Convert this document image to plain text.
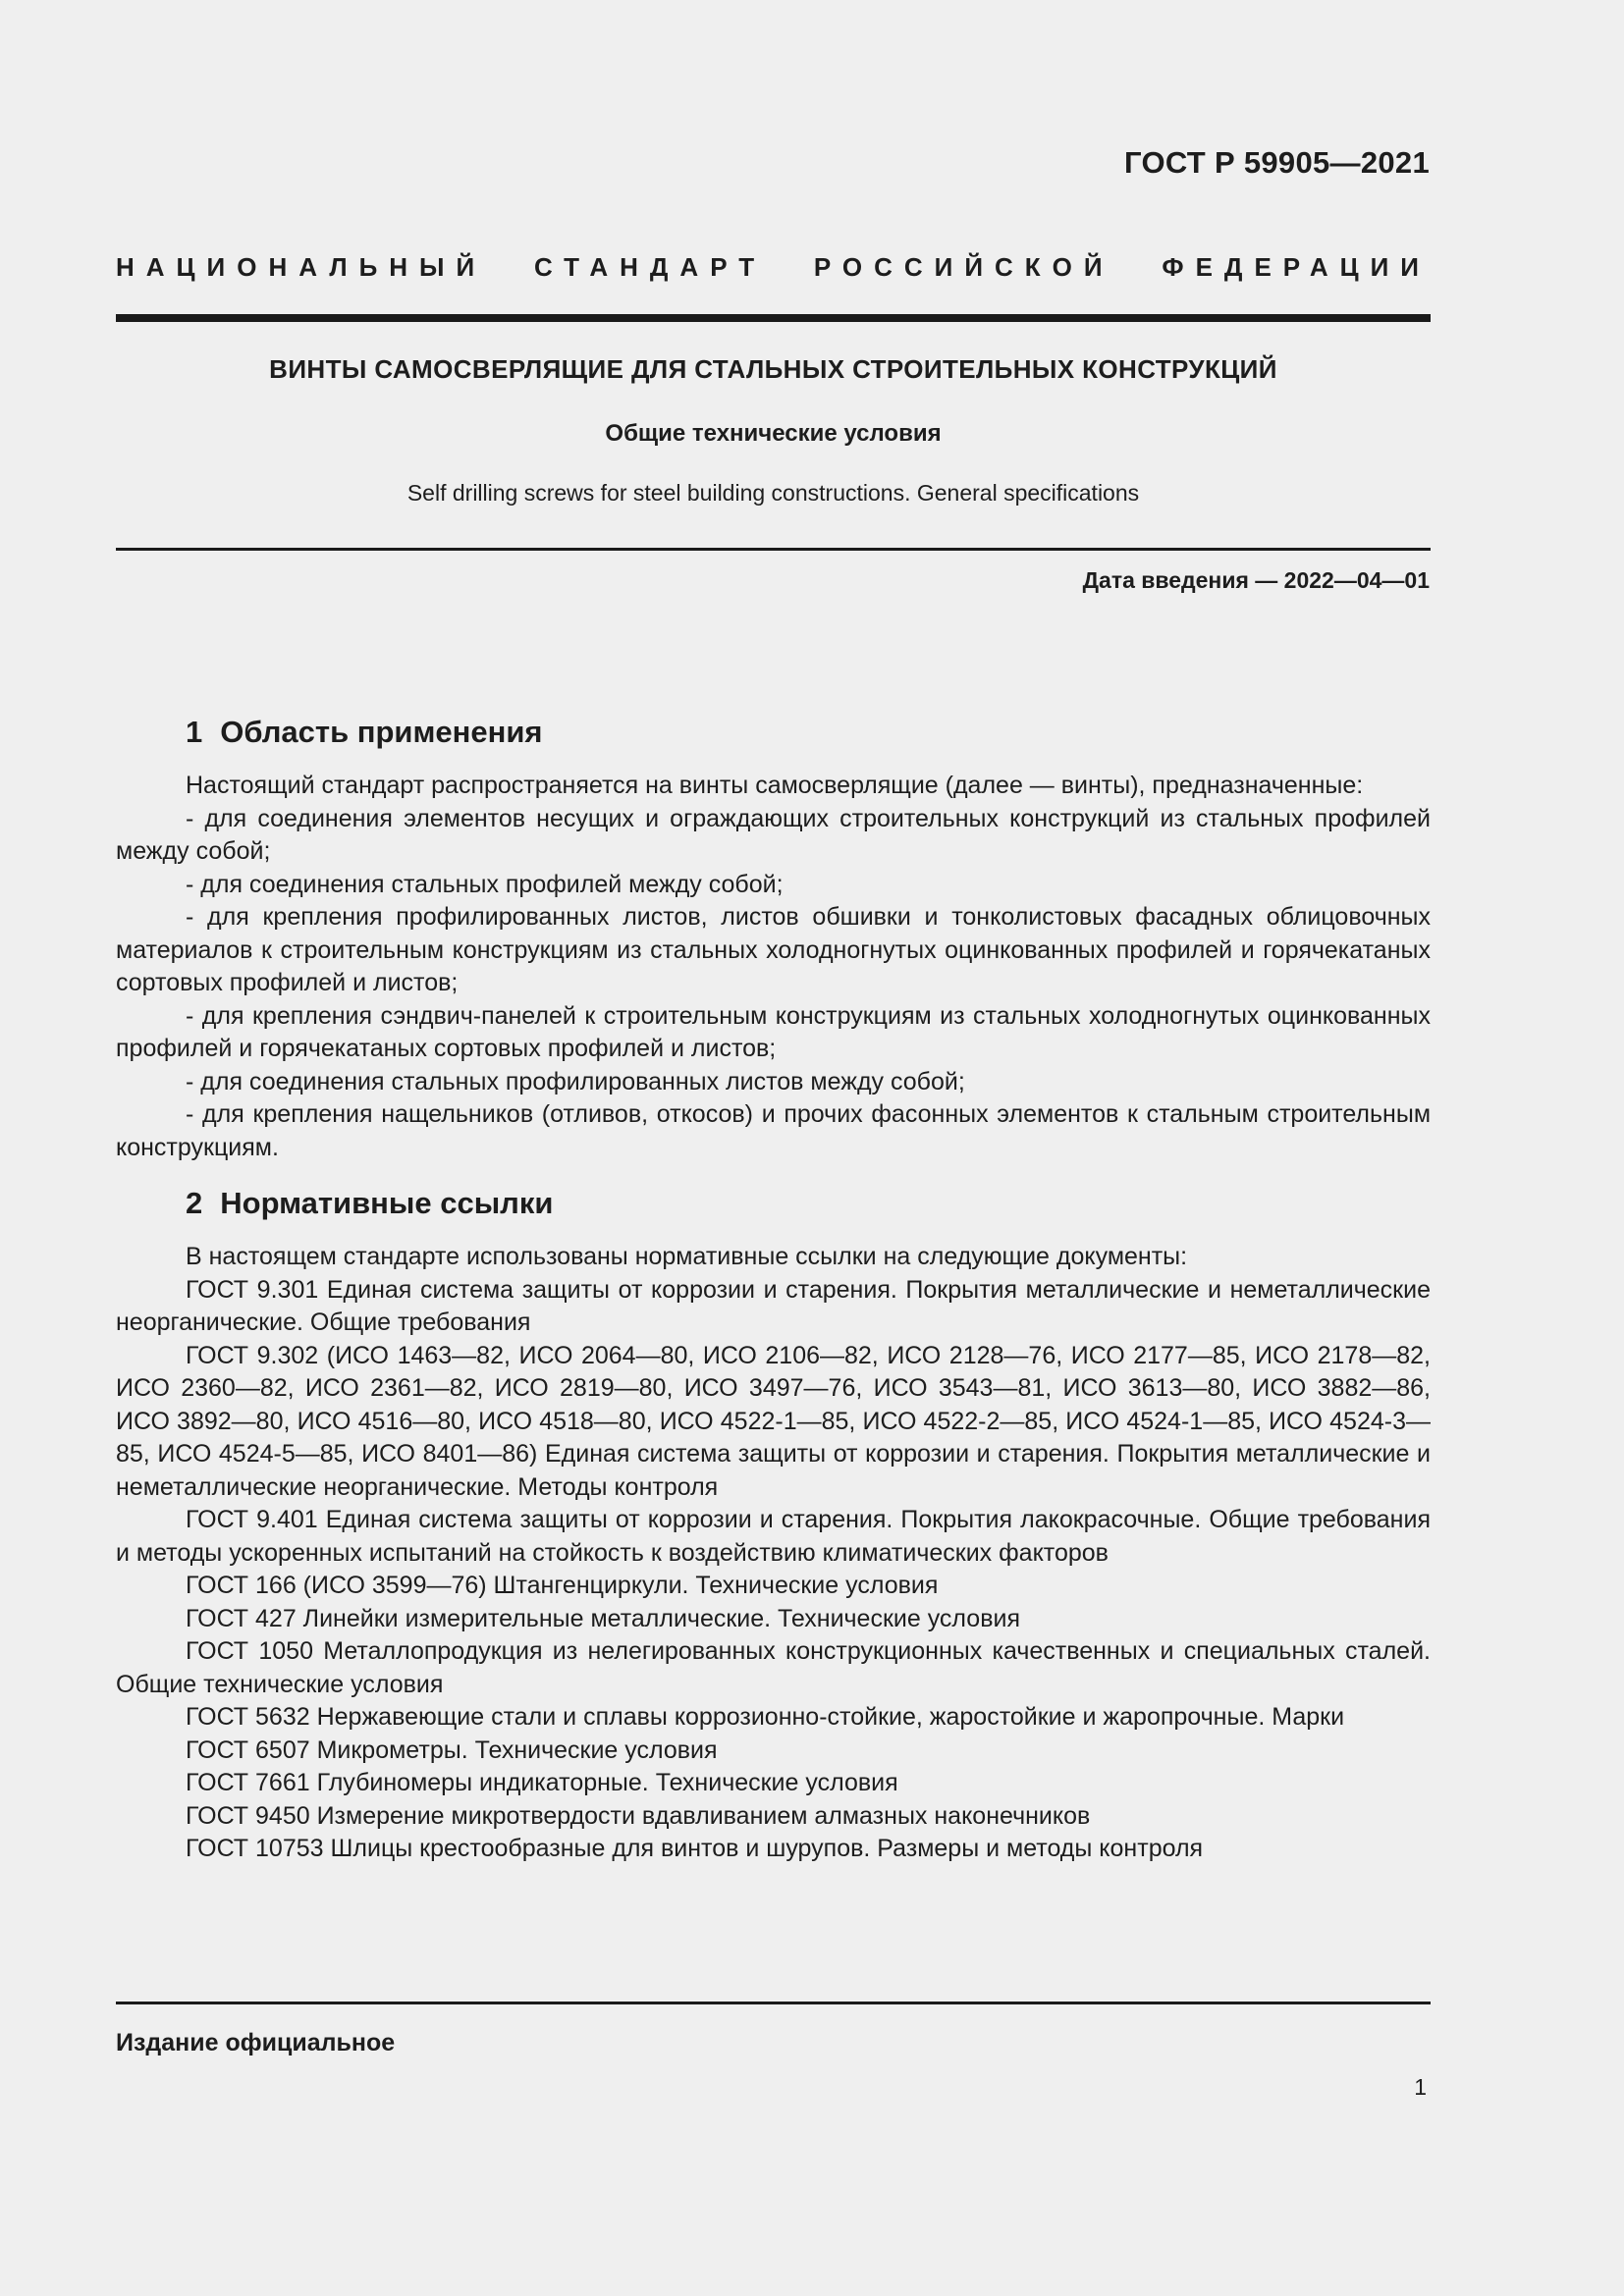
ГОСТ Р 59905—2021
НАЦИОНАЛЬНЫЙ СТАНДАРТ РОССИЙСКОЙ ФЕДЕРАЦИИ
ВИНТЫ САМОСВЕРЛЯЩИЕ ДЛЯ СТАЛЬНЫХ СТРОИТЕЛЬНЫХ КОНСТРУКЦИЙ
Общие технические условия
Self drilling screws for steel building constructions. General specifications
Дата введения — 2022—04—01
1 Область применения

Настоящий стандарт распространяется на винты самосверлящие (далее — винты), предназначенные:

- для соединения элементов несущих и ограждающих строительных конструкций из стальных профилей между собой;

- для соединения стальных профилей между собой;

- для крепления профилированных листов, листов обшивки и тонколистовых фасадных облицовочных материалов к строительным конструкциям из стальных холодногнутых оцинкованных профилей и горячекатаных сортовых профилей и листов;

- для крепления сэндвич-панелей к строительным конструкциям из стальных холодногнутых оцинкованных профилей и горячекатаных сортовых профилей и листов;

- для соединения стальных профилированных листов между собой;

- для крепления нащельников (отливов, откосов) и прочих фасонных элементов к стальным строительным конструкциям.

2 Нормативные ссылки

В настоящем стандарте использованы нормативные ссылки на следующие документы:

ГОСТ 9.301 Единая система защиты от коррозии и старения. Покрытия металлические и неметаллические неорганические. Общие требования

ГОСТ 9.302 (ИСО 1463—82, ИСО 2064—80, ИСО 2106—82, ИСО 2128—76, ИСО 2177—85, ИСО 2178—82, ИСО 2360—82, ИСО 2361—82, ИСО 2819—80, ИСО 3497—76, ИСО 3543—81, ИСО 3613—80, ИСО 3882—86, ИСО 3892—80, ИСО 4516—80, ИСО 4518—80, ИСО 4522-1—85, ИСО 4522-2—85, ИСО 4524-1—85, ИСО 4524-3—85, ИСО 4524-5—85, ИСО 8401—86) Единая система защиты от коррозии и старения. Покрытия металлические и неметаллические неорганические. Методы контроля

ГОСТ 9.401 Единая система защиты от коррозии и старения. Покрытия лакокрасочные. Общие требования и методы ускоренных испытаний на стойкость к воздействию климатических факторов

ГОСТ 166 (ИСО 3599—76) Штангенциркули. Технические условия

ГОСТ 427 Линейки измерительные металлические. Технические условия

ГОСТ 1050 Металлопродукция из нелегированных конструкционных качественных и специальных сталей. Общие технические условия

ГОСТ 5632 Нержавеющие стали и сплавы коррозионно-стойкие, жаростойкие и жаропрочные. Марки

ГОСТ 6507 Микрометры. Технические условия

ГОСТ 7661 Глубиномеры индикаторные. Технические условия

ГОСТ 9450 Измерение микротвердости вдавливанием алмазных наконечников

ГОСТ 10753 Шлицы крестообразные для винтов и шурупов. Размеры и методы контроля

Издание официальное
1
